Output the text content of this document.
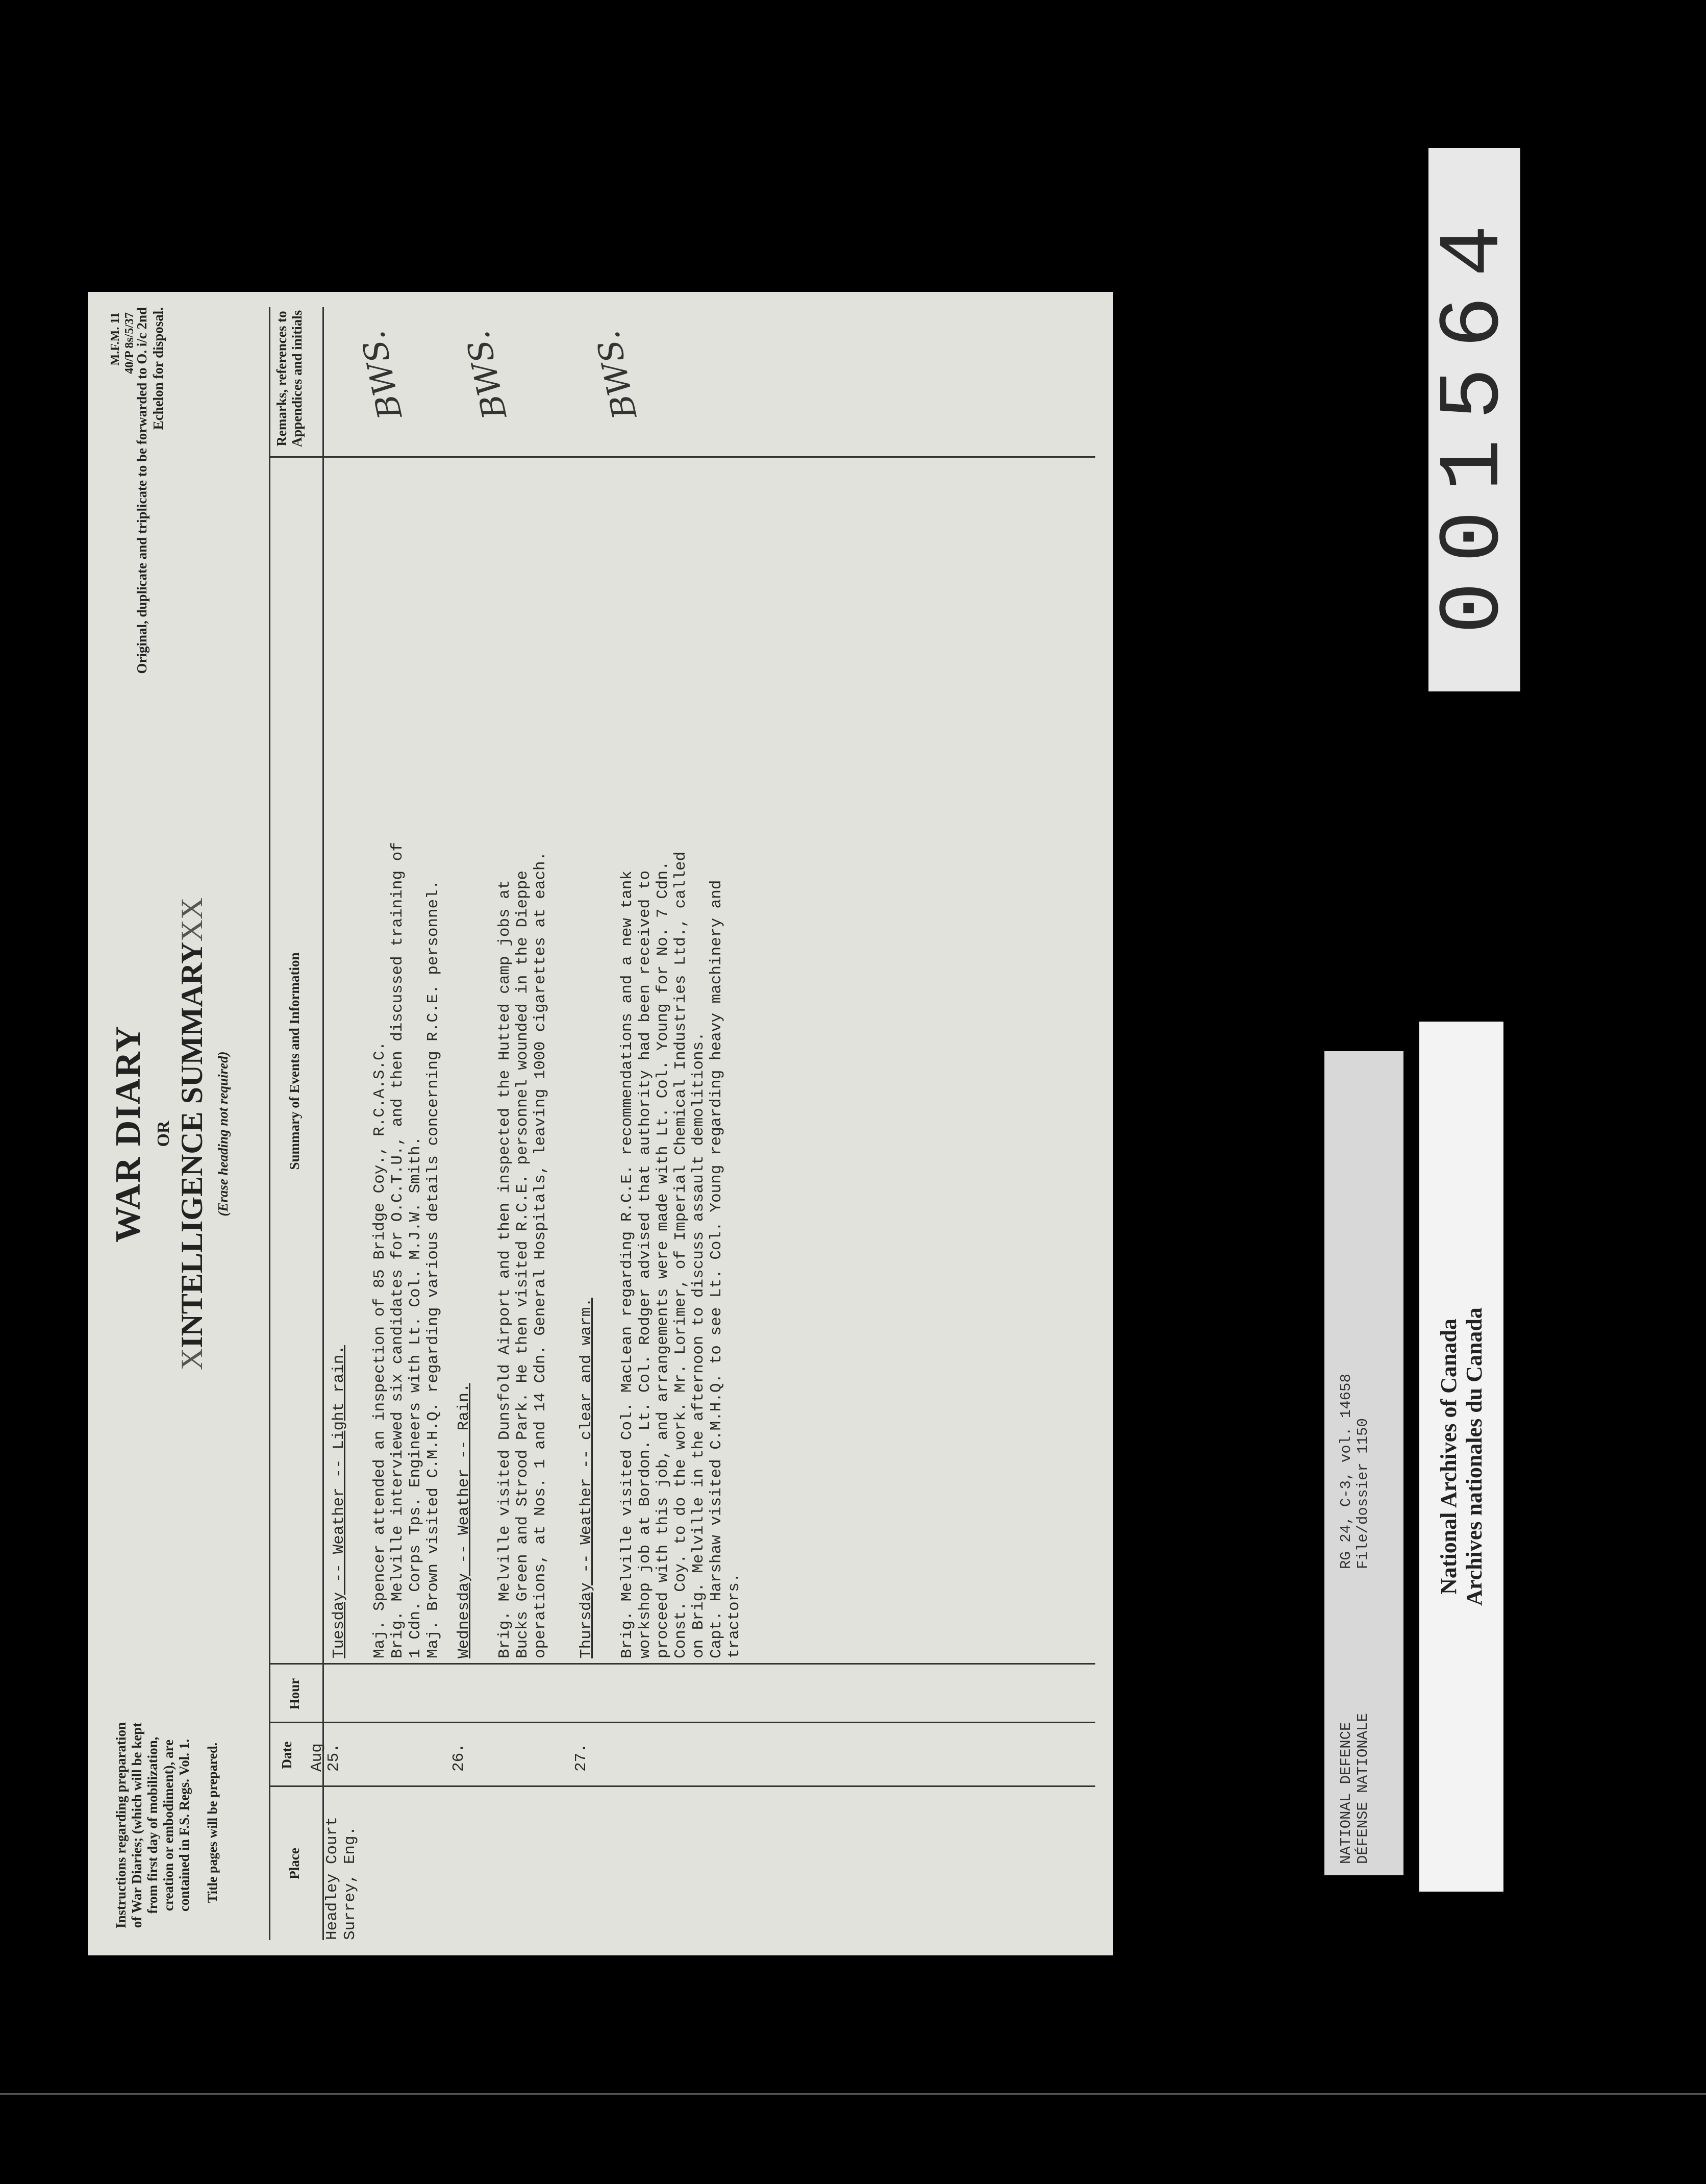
Instructions regarding preparation of War Diaries; (which will be kept from first day of mobilization, creation or embodiment), are contained in F.S. Regs. Vol. 1. Title pages will be prepared.
WAR DIARY OR
XINTELLIGENCE SUMMARYXX
(Erase heading not required)
M.F.M. 11 40/P 8s/5/37
Original, duplicate and triplicate to be forwarded to O. i/c 2nd Echelon for disposal.
Place
Date
Hour
Summary of Events and Information
Remarks, references to Appendices and initials
Headley Court Surrey, Eng.
Aug
25.
Tuesday -- Weather -- Light rain. Maj. Spencer attended an inspection of 85 Bridge Coy., R.C.A.S.C.
Brig. Melville interviewed six candidates for O.C.T.U., and then discussed training of
1 Cdn. Corps Tps. Engineers with Lt. Col. M.J.W. Smith.
Maj. Brown visited C.M.H.Q. regarding various details concerning R.C.E. personnel.
BWS.
26.
Wednesday -- Weather -- Rain. Brig. Melville visited Dunsfold Airport and then inspected the Hutted camp jobs at
Bucks Green and Strood Park. He then visited R.C.E. personnel wounded in the Dieppe
operations, at Nos. 1 and 14 Cdn. General Hospitals, leaving 1000 cigarettes at each.
BWS.
27.
Thursday -- Weather -- clear and warm. Brig. Melville visited Col. MacLean regarding R.C.E. recommendations and a new tank
workshop job at Bordon. Lt. Col. Rodger advised that authority had been received to
proceed with this job, and arrangements were made with Lt. Col. Young for No. 7 Cdn.
Const. Coy. to do the work. Mr. Lorimer, of Imperial Chemical Industries Ltd., called
on Brig. Melville in the afternoon to discuss assault demolitions.
Capt. Harshaw visited C.M.H.Q. to see Lt. Col. Young regarding heavy machinery and
tractors.
BWS.	001564
NATIONAL DEFENCE DÉFENSE NATIONALE
RG 24, C-3, vol. 14658 File/dossier 1150	National Archives of Canada Archives nationales du Canada
